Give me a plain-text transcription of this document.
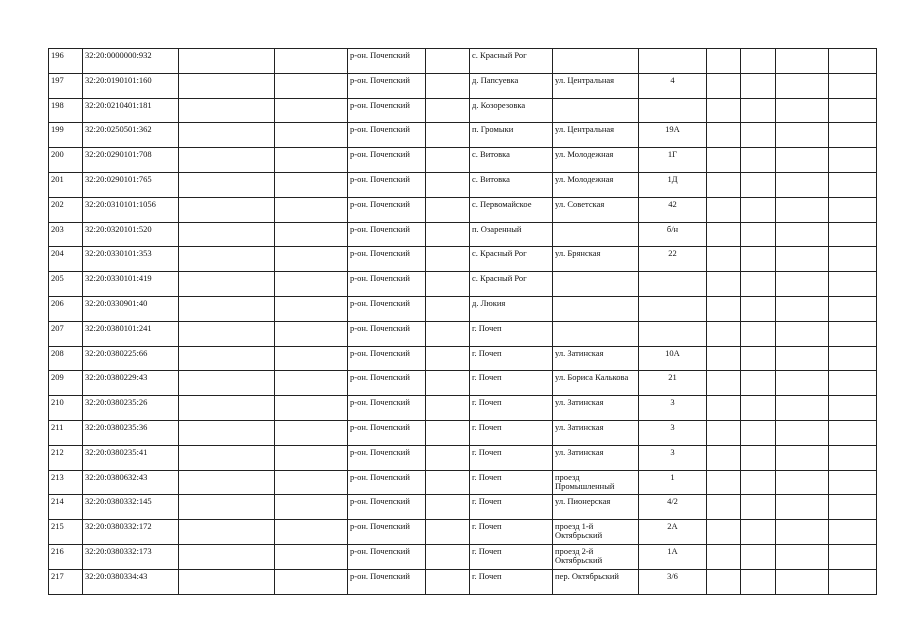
196	32:20:0000000:932			р-он. Почепский		с. Красный Рог						
197	32:20:0190101:160			р-он. Почепский		д. Папсуевка	ул. Центральная	4				
198	32:20:0210401:181			р-он. Почепский		д. Козорезовка						
199	32:20:0250501:362			р-он. Почепский		п. Громыки	ул. Центральная	19А				
200	32:20:0290101:708			р-он. Почепский		с. Витовка	ул. Молодежная	1Г				
201	32:20:0290101:765			р-он. Почепский		с. Витовка	ул. Молодежная	1Д				
202	32:20:0310101:1056			р-он. Почепский		с. Первомайское	ул. Советская	42				
203	32:20:0320101:520			р-он. Почепский		п. Озаренный		б/н				
204	32:20:0330101:353			р-он. Почепский		с. Красный Рог	ул. Брянская	22				
205	32:20:0330101:419			р-он. Почепский		с. Красный Рог						
206	32:20:0330901:40			р-он. Почепский		д. Люкия						
207	32:20:0380101:241			р-он. Почепский		г. Почеп						
208	32:20:0380225:66			р-он. Почепский		г. Почеп	ул. Затинская	10А				
209	32:20:0380229:43			р-он. Почепский		г. Почеп	ул. Бориса Калькова	21				
210	32:20:0380235:26			р-он. Почепский		г. Почеп	ул. Затинская	3				
211	32:20:0380235:36			р-он. Почепский		г. Почеп	ул. Затинская	3				
212	32:20:0380235:41			р-он. Почепский		г. Почеп	ул. Затинская	3				
213	32:20:0380632:43			р-он. Почепский		г. Почеп	проезд Промышленный	1				
214	32:20:0380332:145			р-он. Почепский		г. Почеп	ул. Пионерская	4/2				
215	32:20:0380332:172			р-он. Почепский		г. Почеп	проезд 1-й Октябрьский	2А				
216	32:20:0380332:173			р-он. Почепский		г. Почеп	проезд 2-й Октябрьский	1А				
217	32:20:0380334:43			р-он. Почепский		г. Почеп	пер. Октябрьский	3/6				
